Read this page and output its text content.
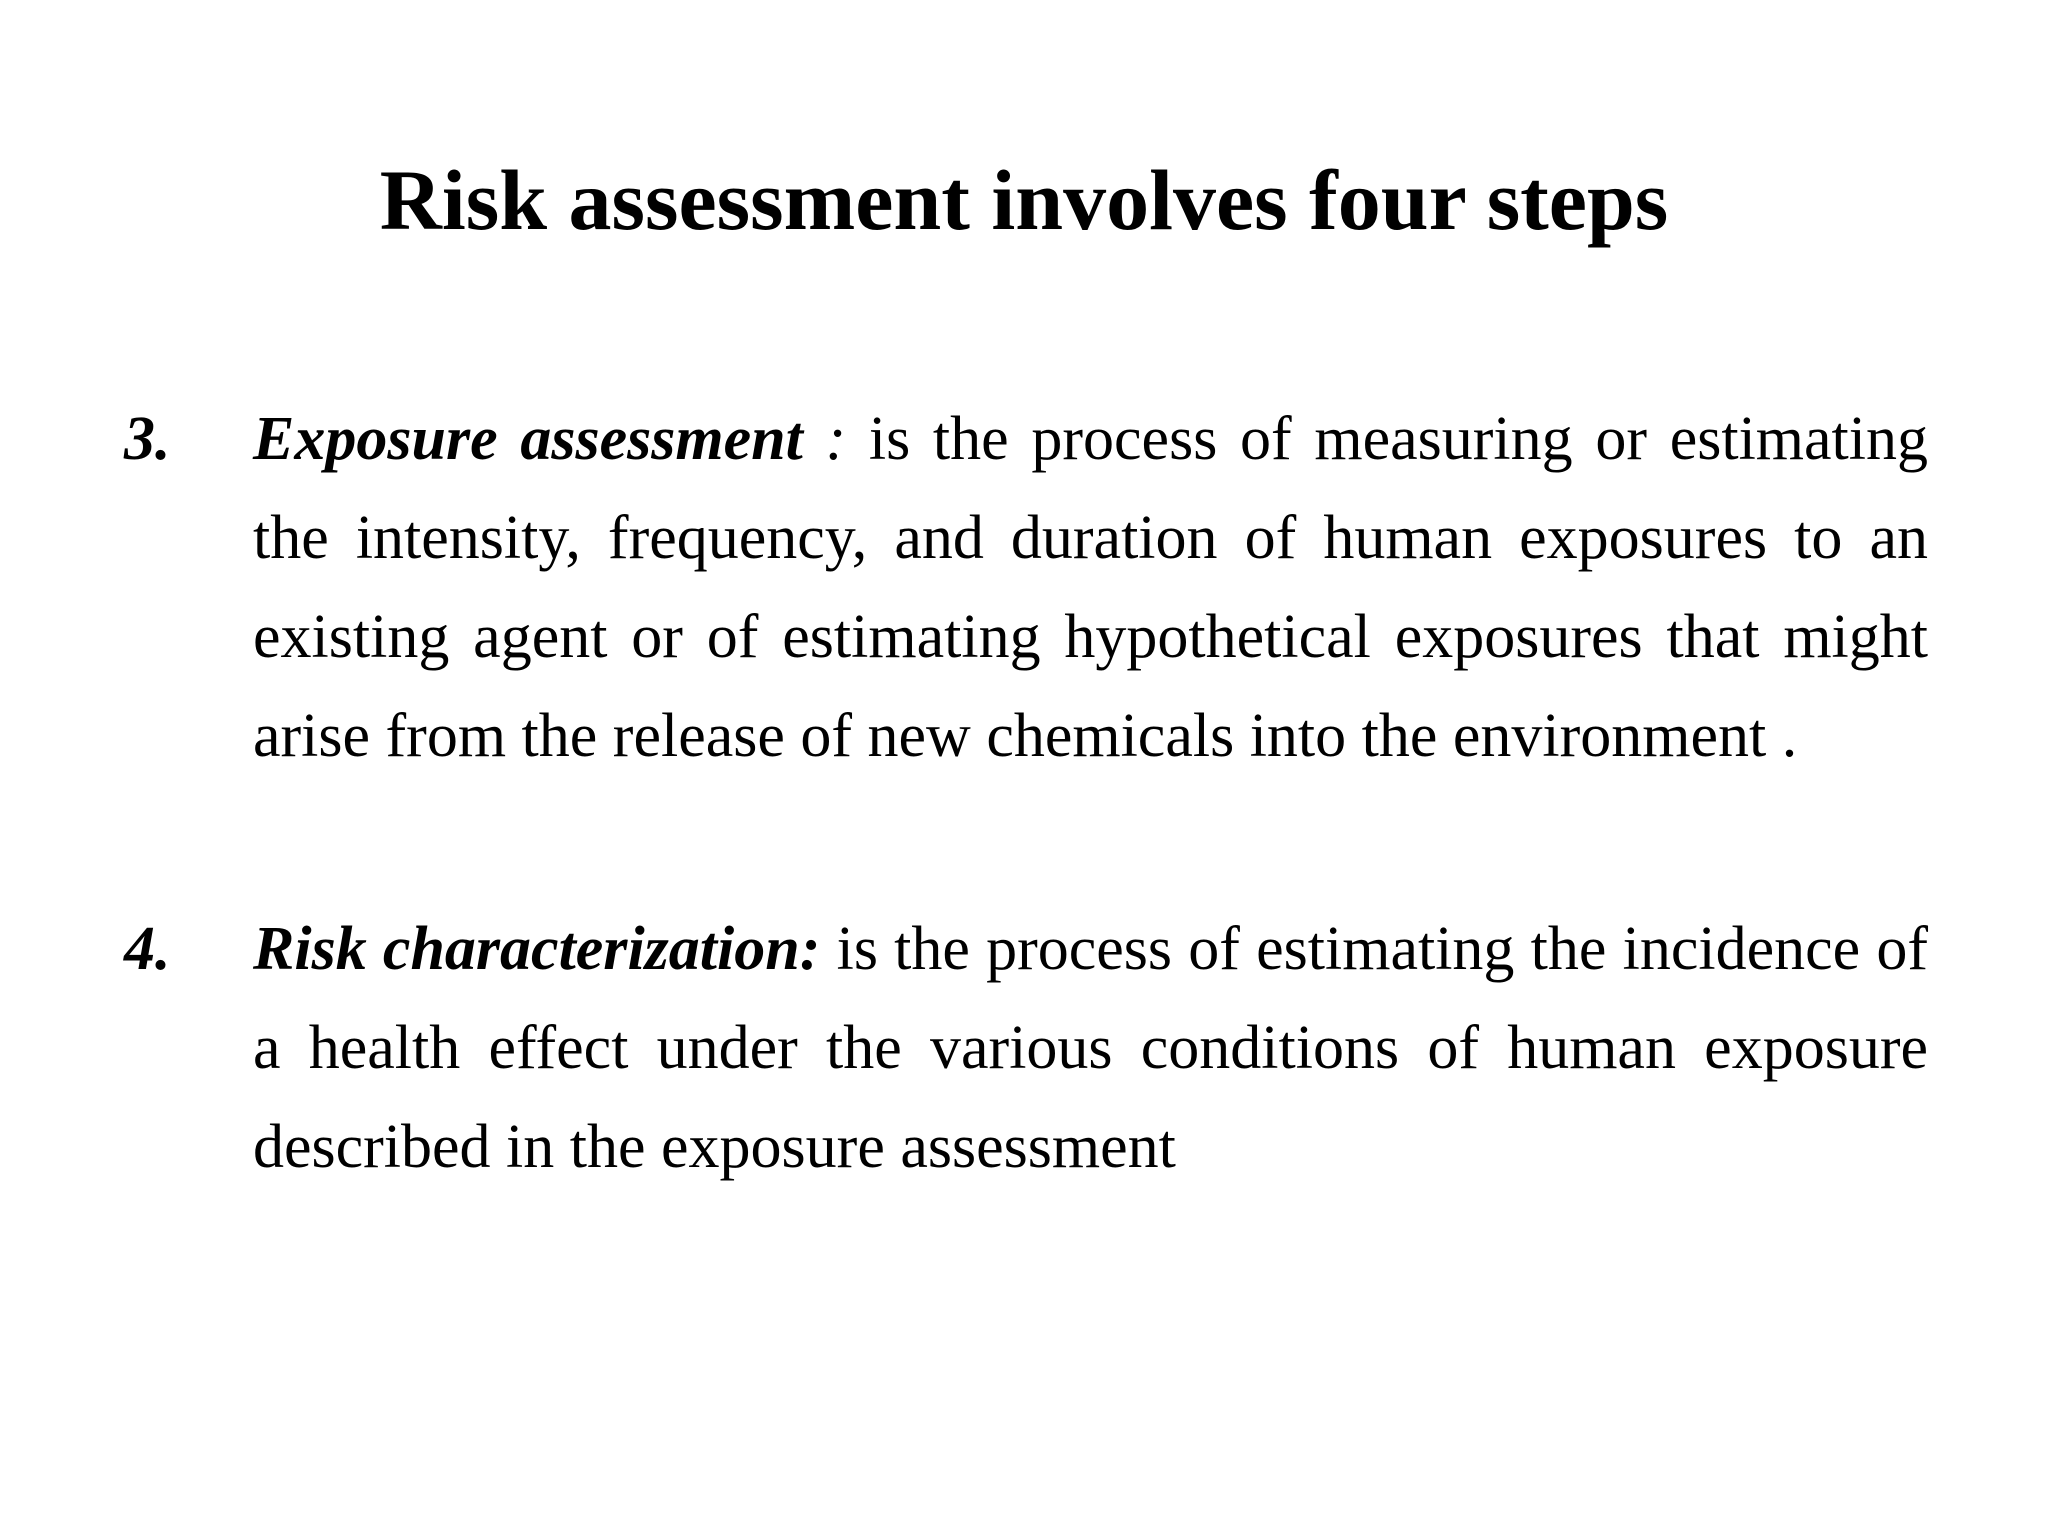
Risk assessment involves four steps
3. Exposure assessment : is the process of measuring or estimating the intensity, frequency, and duration of human exposures to an existing agent or of estimating hypothetical exposures that might arise from the release of new chemicals into the environment .

4. Risk characterization: is the process of estimating the incidence of a health effect under the various conditions of human exposure described in the exposure assessment
